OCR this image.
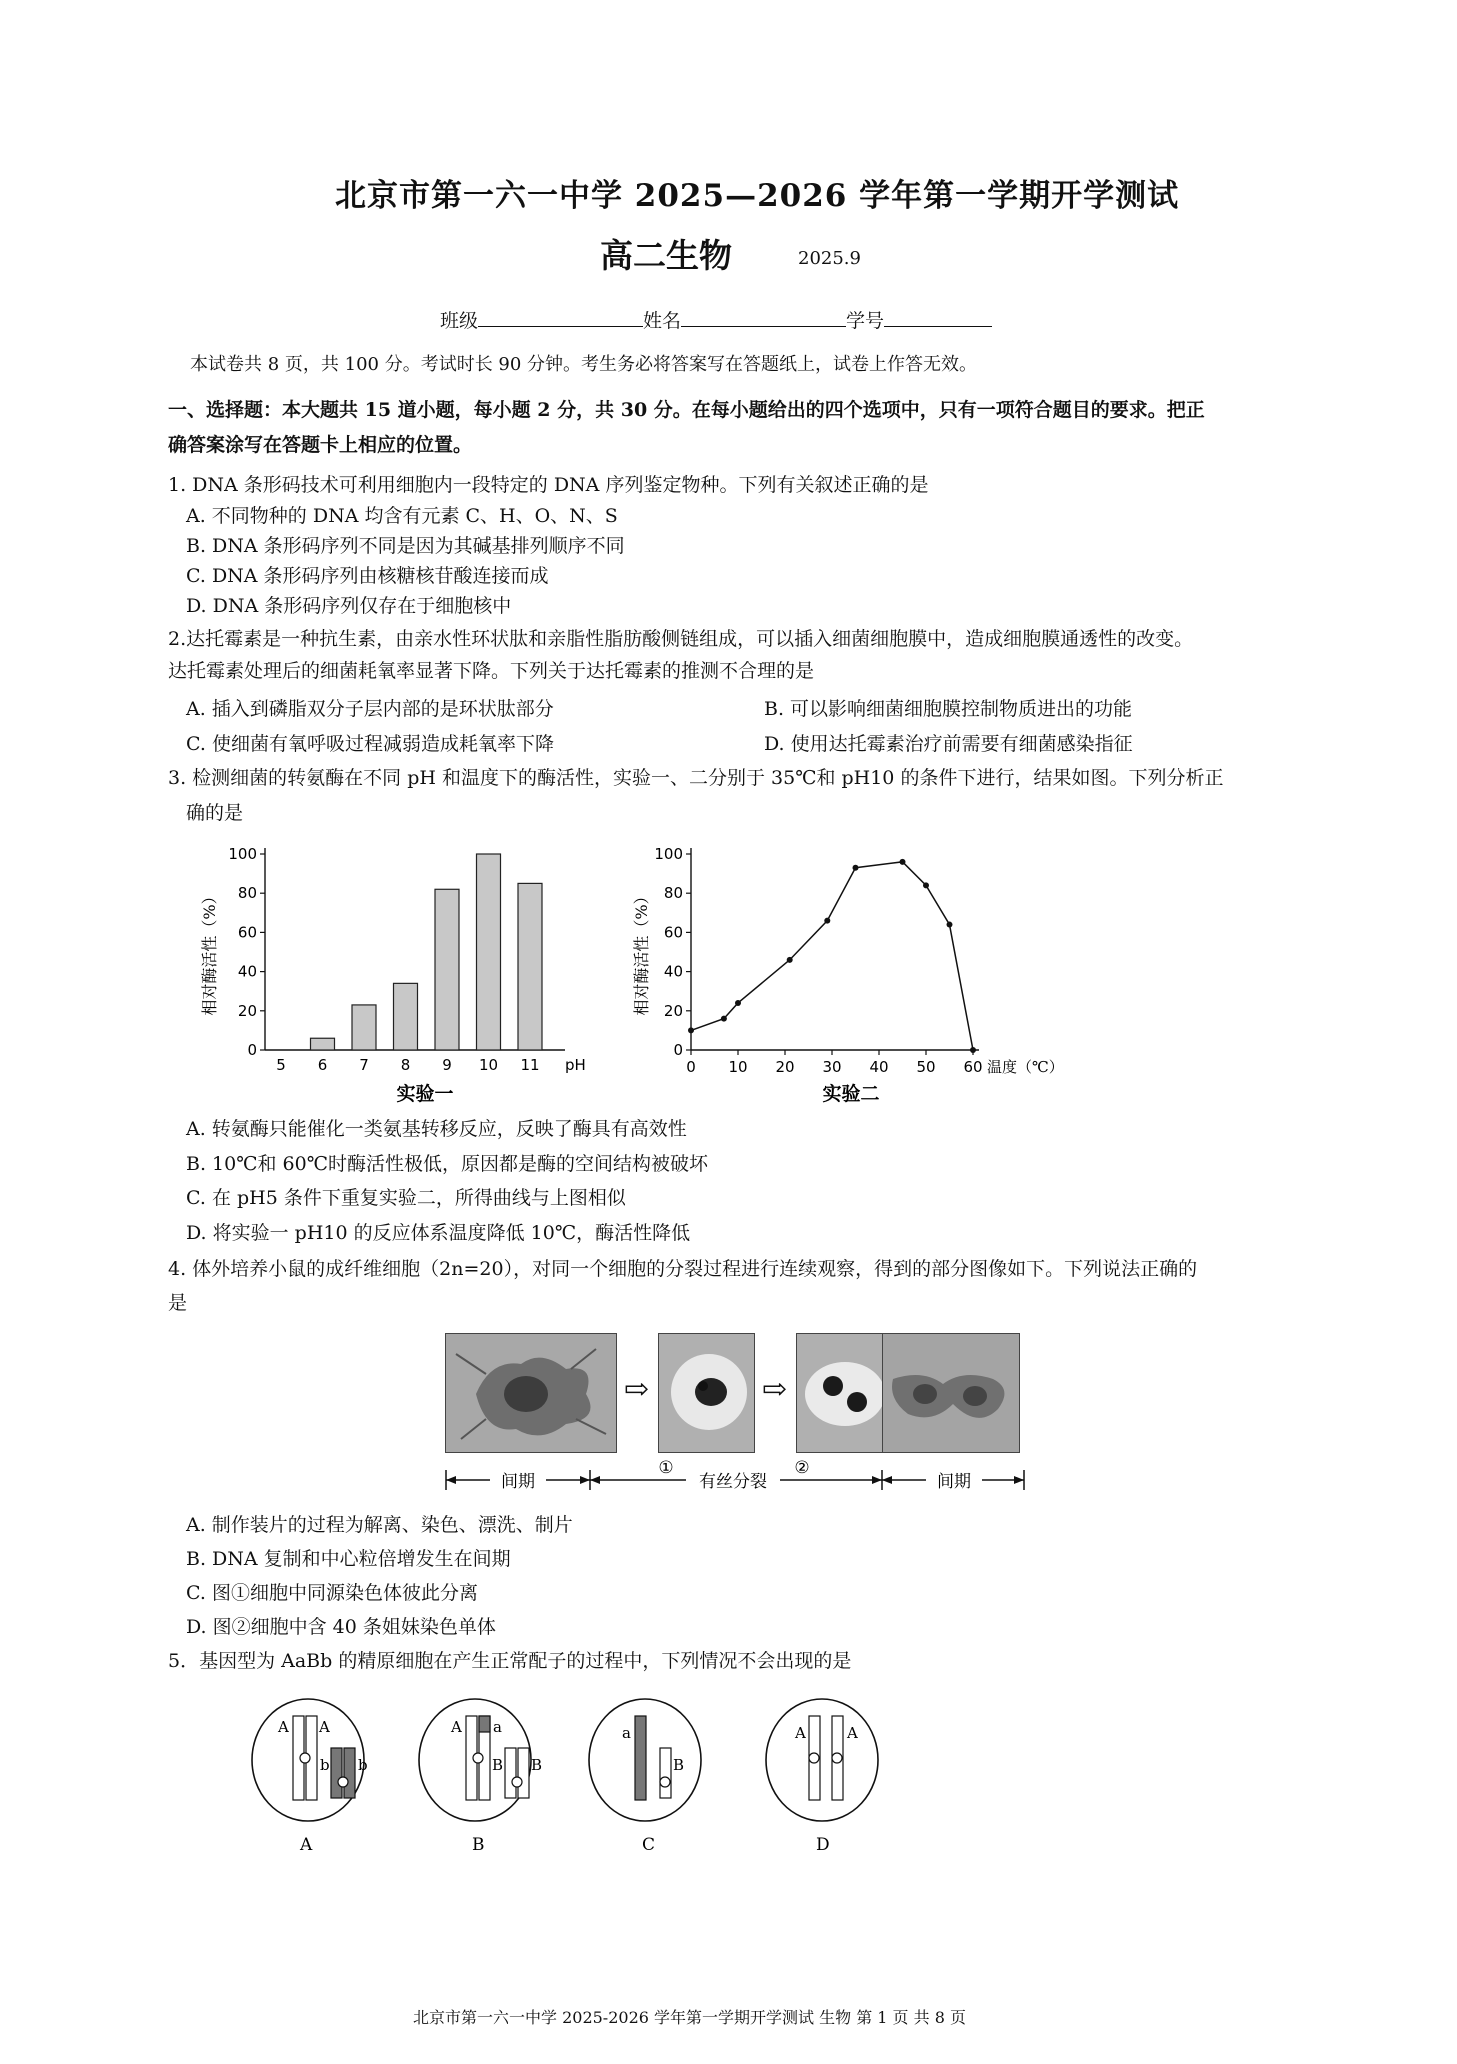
北京市第一六一中学 2025—2026 学年第一学期开学测试
高二生物	2025.9
班级	姓名	学号
本试卷共 8 页，共 100 分。考试时长 90 分钟。考生务必将答案写在答题纸上，试卷上作答无效。
一、选择题：本大题共 15 道小题，每小题 2 分，共 30 分。在每小题给出的四个选项中，只有一项符合题目的要求。把正
确答案涂写在答题卡上相应的位置。
1. DNA 条形码技术可利用细胞内一段特定的 DNA 序列鉴定物种。下列有关叙述正确的是
A. 不同物种的 DNA 均含有元素 C、H、O、N、S
B. DNA 条形码序列不同是因为其碱基排列顺序不同
C. DNA 条形码序列由核糖核苷酸连接而成
D. DNA 条形码序列仅存在于细胞核中
2.达托霉素是一种抗生素，由亲水性环状肽和亲脂性脂肪酸侧链组成，可以插入细菌细胞膜中，造成细胞膜通透性的改变。
达托霉素处理后的细菌耗氧率显著下降。下列关于达托霉素的推测不合理的是
A. 插入到磷脂双分子层内部的是环状肽部分	B. 可以影响细菌细胞膜控制物质进出的功能
C. 使细菌有氧呼吸过程减弱造成耗氧率下降	D. 使用达托霉素治疗前需要有细菌感染指征
3. 检测细菌的转氨酶在不同 pH 和温度下的酶活性，实验一、二分别于 35℃和 pH10 的条件下进行，结果如图。下列分析正
确的是
0
20
40
60
80
100
5 6 7 8 9 10 11 pH
相对酶活性（%）
实验一
0
20
40
60
80
100
0 10 20 30 40 50 60 温度（℃）
相对酶活性（%）
实验二
A. 转氨酶只能催化一类氨基转移反应，反映了酶具有高效性
B. 10℃和 60℃时酶活性极低，原因都是酶的空间结构被破坏
C. 在 pH5 条件下重复实验二，所得曲线与上图相似
D. 将实验一 pH10 的反应体系温度降低 10℃，酶活性降低
4. 体外培养小鼠的成纤维细胞（2n=20），对同一个细胞的分裂过程进行连续观察，得到的部分图像如下。下列说法正确的
是
⇨	⇨
间期	有丝分裂	间期
①	②
A. 制作装片的过程为解离、染色、漂洗、制片
B. DNA 复制和中心粒倍增发生在间期
C. 图①细胞中同源染色体彼此分离
D. 图②细胞中含 40 条姐妹染色单体
5．基因型为 AaBb 的精原细胞在产生正常配子的过程中，下列情况不会出现的是
A A
b b
A
A a
B B
B
a
B
C
A	A
D
北京市第一六一中学 2025-2026 学年第一学期开学测试 生物 第 1 页 共 8 页
